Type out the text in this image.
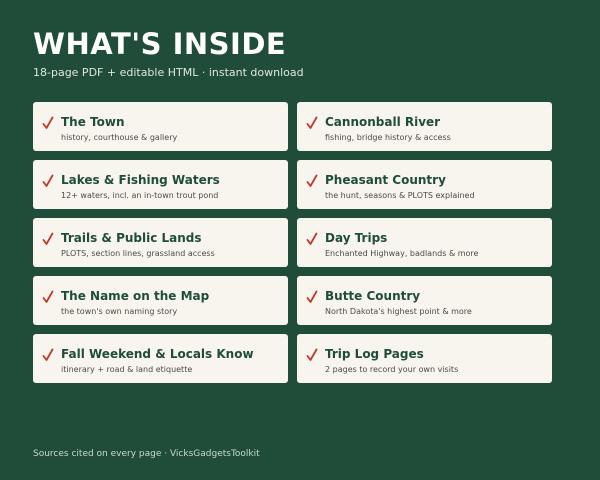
WHAT'S INSIDE
18-page PDF + editable HTML · instant download
The Town
history, courthouse & gallery
Cannonball River
fishing, bridge history & access
Lakes & Fishing Waters
12+ waters, incl. an in-town trout pond
Pheasant Country
the hunt, seasons & PLOTS explained
Trails & Public Lands
PLOTS, section lines, grassland access
Day Trips
Enchanted Highway, badlands & more
The Name on the Map
the town's own naming story
Butte Country
North Dakota's highest point & more
Fall Weekend & Locals Know
itinerary + road & land etiquette
Trip Log Pages
2 pages to record your own visits
Sources cited on every page · VicksGadgetsToolkit
